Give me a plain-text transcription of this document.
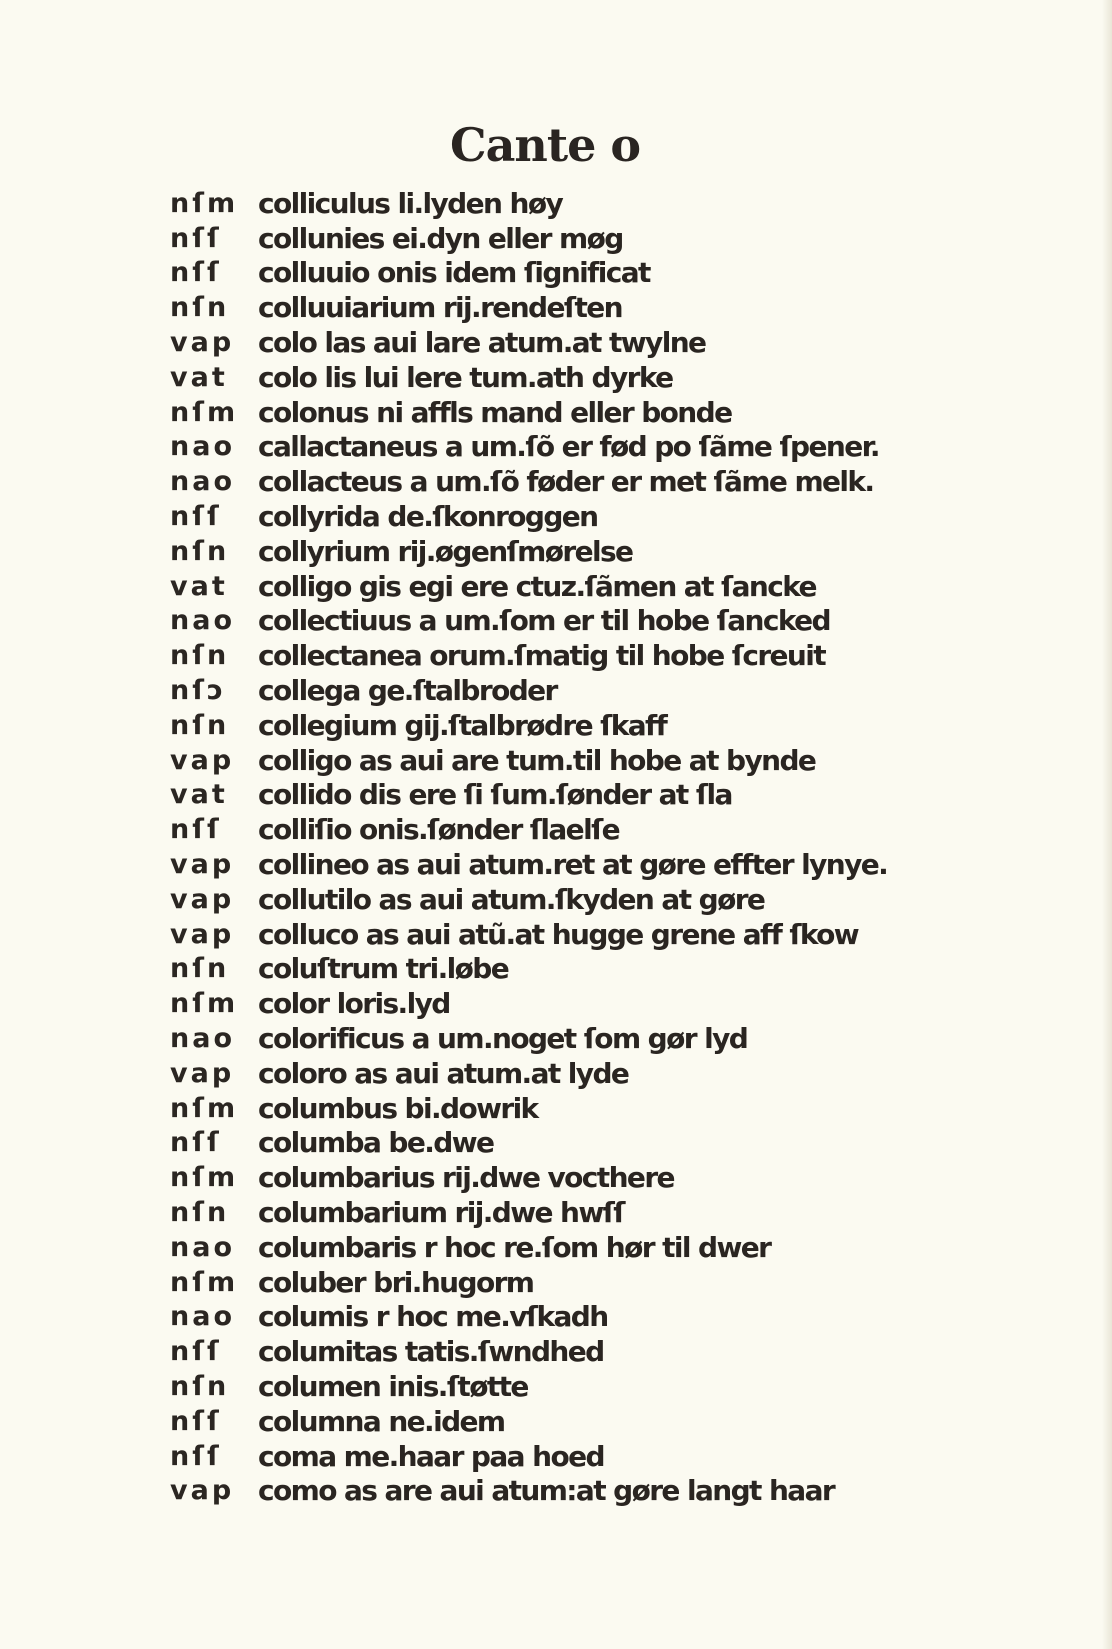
Cante o
nſm colliculus li.lyden høy
nſſ	collunies ei.dyn eller møg
nſſ	colluuio onis idem ſignificat
nſn	colluuiarium rij.rendeſten
vap colo las aui lare atum.at twylne
vat	colo lis lui lere tum.ath dyrke
nſm colonus ni affls mand eller bonde
nao callactaneus a um.ſõ er fød po ſãme ſpener.
nao collacteus a um.ſõ føder er met ſãme melk.
nſſ	collyrida de.ſkonroggen
nſn	collyrium rij.øgenſmørelse
vat	colligo gis egi ere ctuz.ſãmen at ſancke
nao collectiuus a um.ſom er til hobe ſancked
nſn	collectanea orum.ſmatig til hobe ſcreuit
nſɔ	collega ge.ſtalbroder
nſn	collegium gij.ſtalbrødre ſkaff
vap colligo as aui are tum.til hobe at bynde
vat	collido dis ere ſi ſum.ſønder at ſla
nſſ	colliſio onis.ſønder ſlaelſe
vap collineo as aui atum.ret at gøre effter lynye.
vap collutilo as aui atum.ſkyden at gøre
vap colluco as aui atũ.at hugge grene aff ſkow
nſn	coluſtrum tri.løbe
nſm color loris.lyd
nao colorificus a um.noget ſom gør lyd
vap coloro as aui atum.at lyde
nſm columbus bi.dowrik
nſſ	columba be.dwe
nſm columbarius rij.dwe vocthere
nſn	columbarium rij.dwe hwſſ
nao columbaris r hoc re.ſom hør til dwer
nſm coluber bri.hugorm
nao columis r hoc me.vſkadh
nſſ	columitas tatis.ſwndhed
nſn	columen inis.ſtøtte
nſſ	columna ne.idem
nſſ	coma me.haar paa hoed
vap como as are aui atum:at gøre langt haar
